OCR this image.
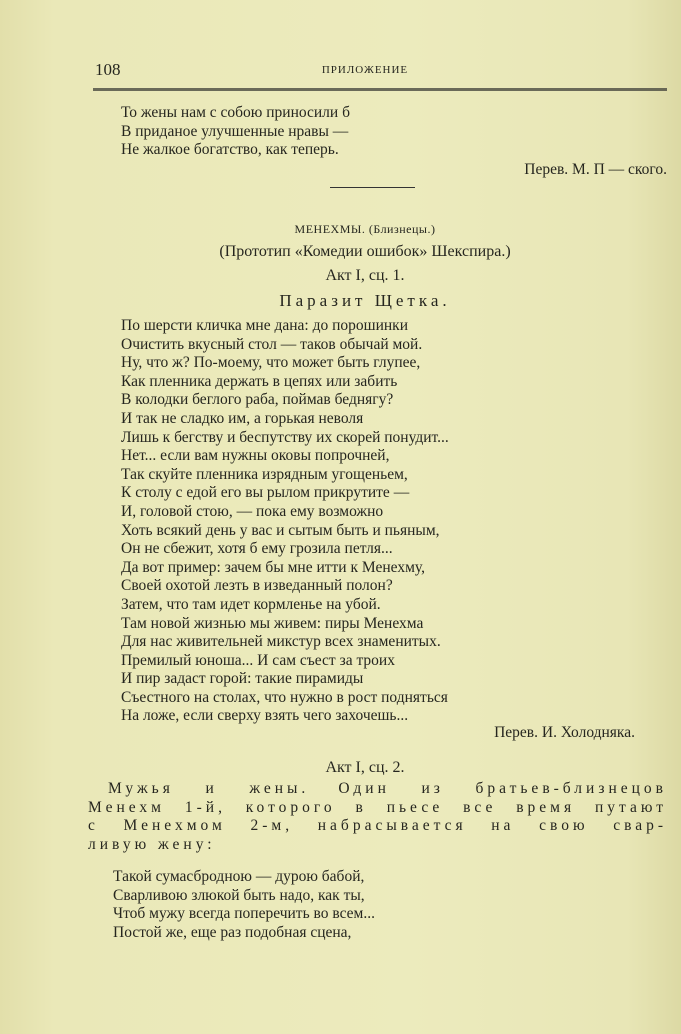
108	ПРИЛОЖЕНИЕ
То жены нам с собою приносили б
В приданое улучшенные нравы —
Не жалкое богатство, как теперь.
Перев. М. П — ского.
МЕНЕХМЫ. (Близнецы.)
(Прототип «Комедии ошибок» Шекспира.)
Акт I, сц. 1.
Паразит Щетка.
По шерсти кличка мне дана: до порошинки
Очистить вкусный стол — таков обычай мой.
Ну, что ж? По-моему, что может быть глупее,
Как пленника держать в цепях или забить
В колодки беглого раба, поймав беднягу?
И так не сладко им, а горькая неволя
Лишь к бегству и беспутству их скорей понудит...
Нет... если вам нужны оковы попрочней,
Так скуйте пленника изрядным угощеньем,
К столу с едой его вы рылом прикрутите —
И, головой стою, — пока ему возможно
Хоть всякий день у вас и сытым быть и пьяным,
Он не сбежит, хотя б ему грозила петля...
Да вот пример: зачем бы мне итти к Менехму,
Своей охотой лезть в изведанный полон?
Затем, что там идет кормленье на убой.
Там новой жизнью мы живем: пиры Менехма
Для нас живительней микстур всех знаменитых.
Премилый юноша... И сам съест за троих
И пир задаст горой: такие пирамиды
Съестного на столах, что нужно в рост подняться
На ложе, если сверху взять чего захочешь...
Перев. И. Холодняка.
Акт I, сц. 2.
Мужья и жены. Один из братьев-близнецов
Менехм 1-й, которого в пьесе все время путают
с Менехмом 2-м, набрасывается на свою свар-
ливую жену:
Такой сумасбродною — дурою бабой,
Сварливою злюкой быть надо, как ты,
Чтоб мужу всегда поперечить во всем...
Постой же, еще раз подобная сцена,
